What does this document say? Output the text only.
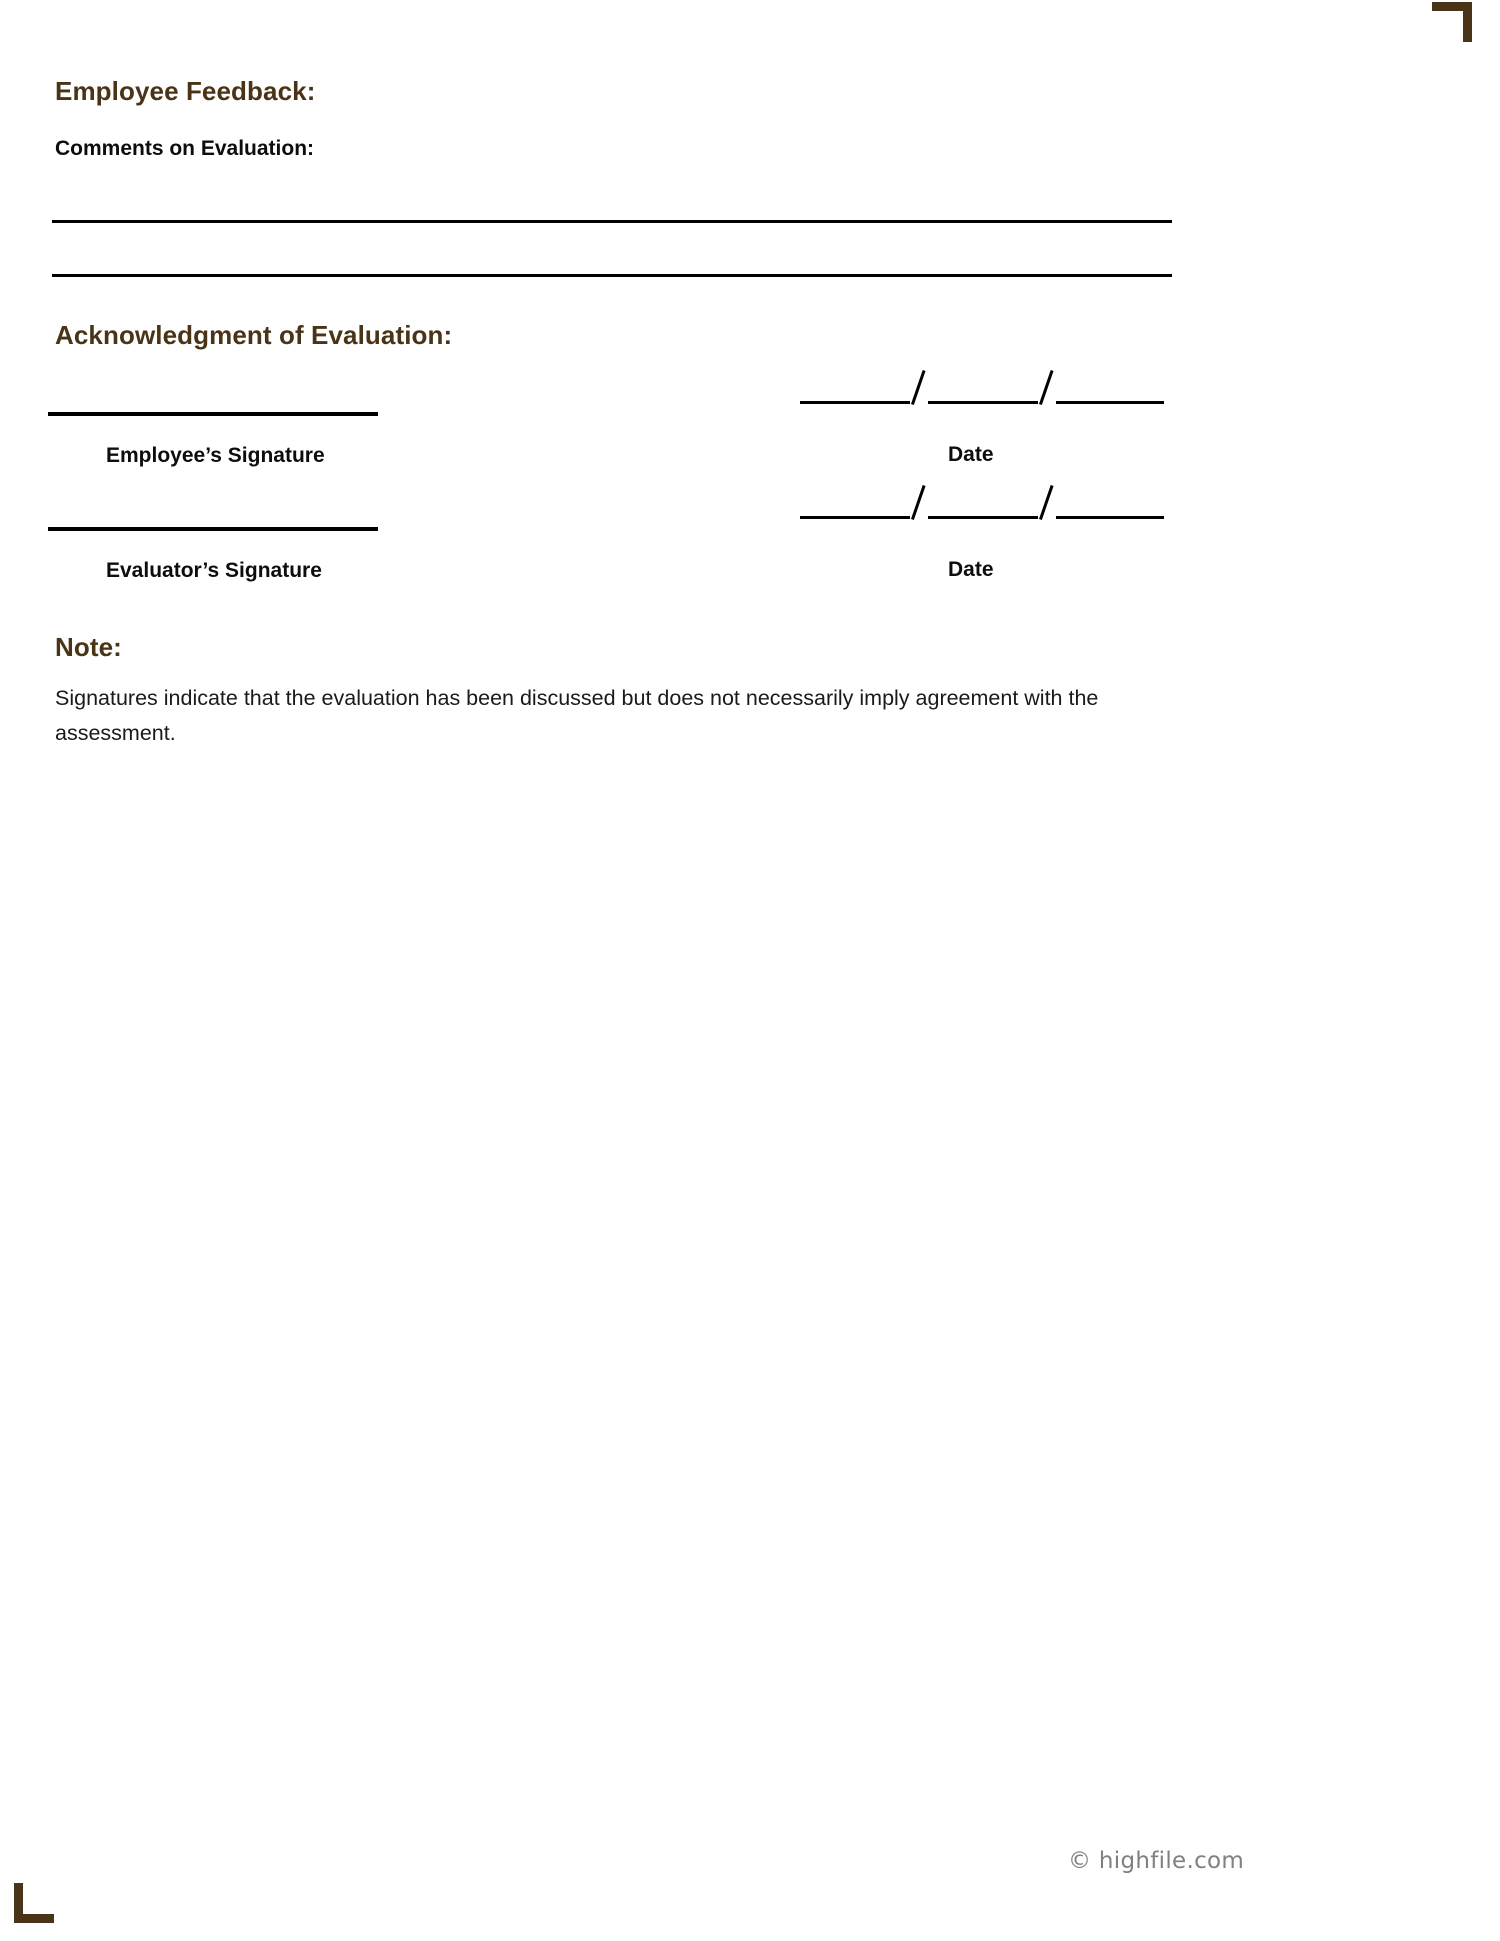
Employee Feedback:
Comments on Evaluation:
Acknowledgment of Evaluation:
Employee’s Signature	Date
Evaluator’s Signature	Date
Note:
Signatures indicate that the evaluation has been discussed but does not necessarily imply agreement with the assessment.
© highfile.com
